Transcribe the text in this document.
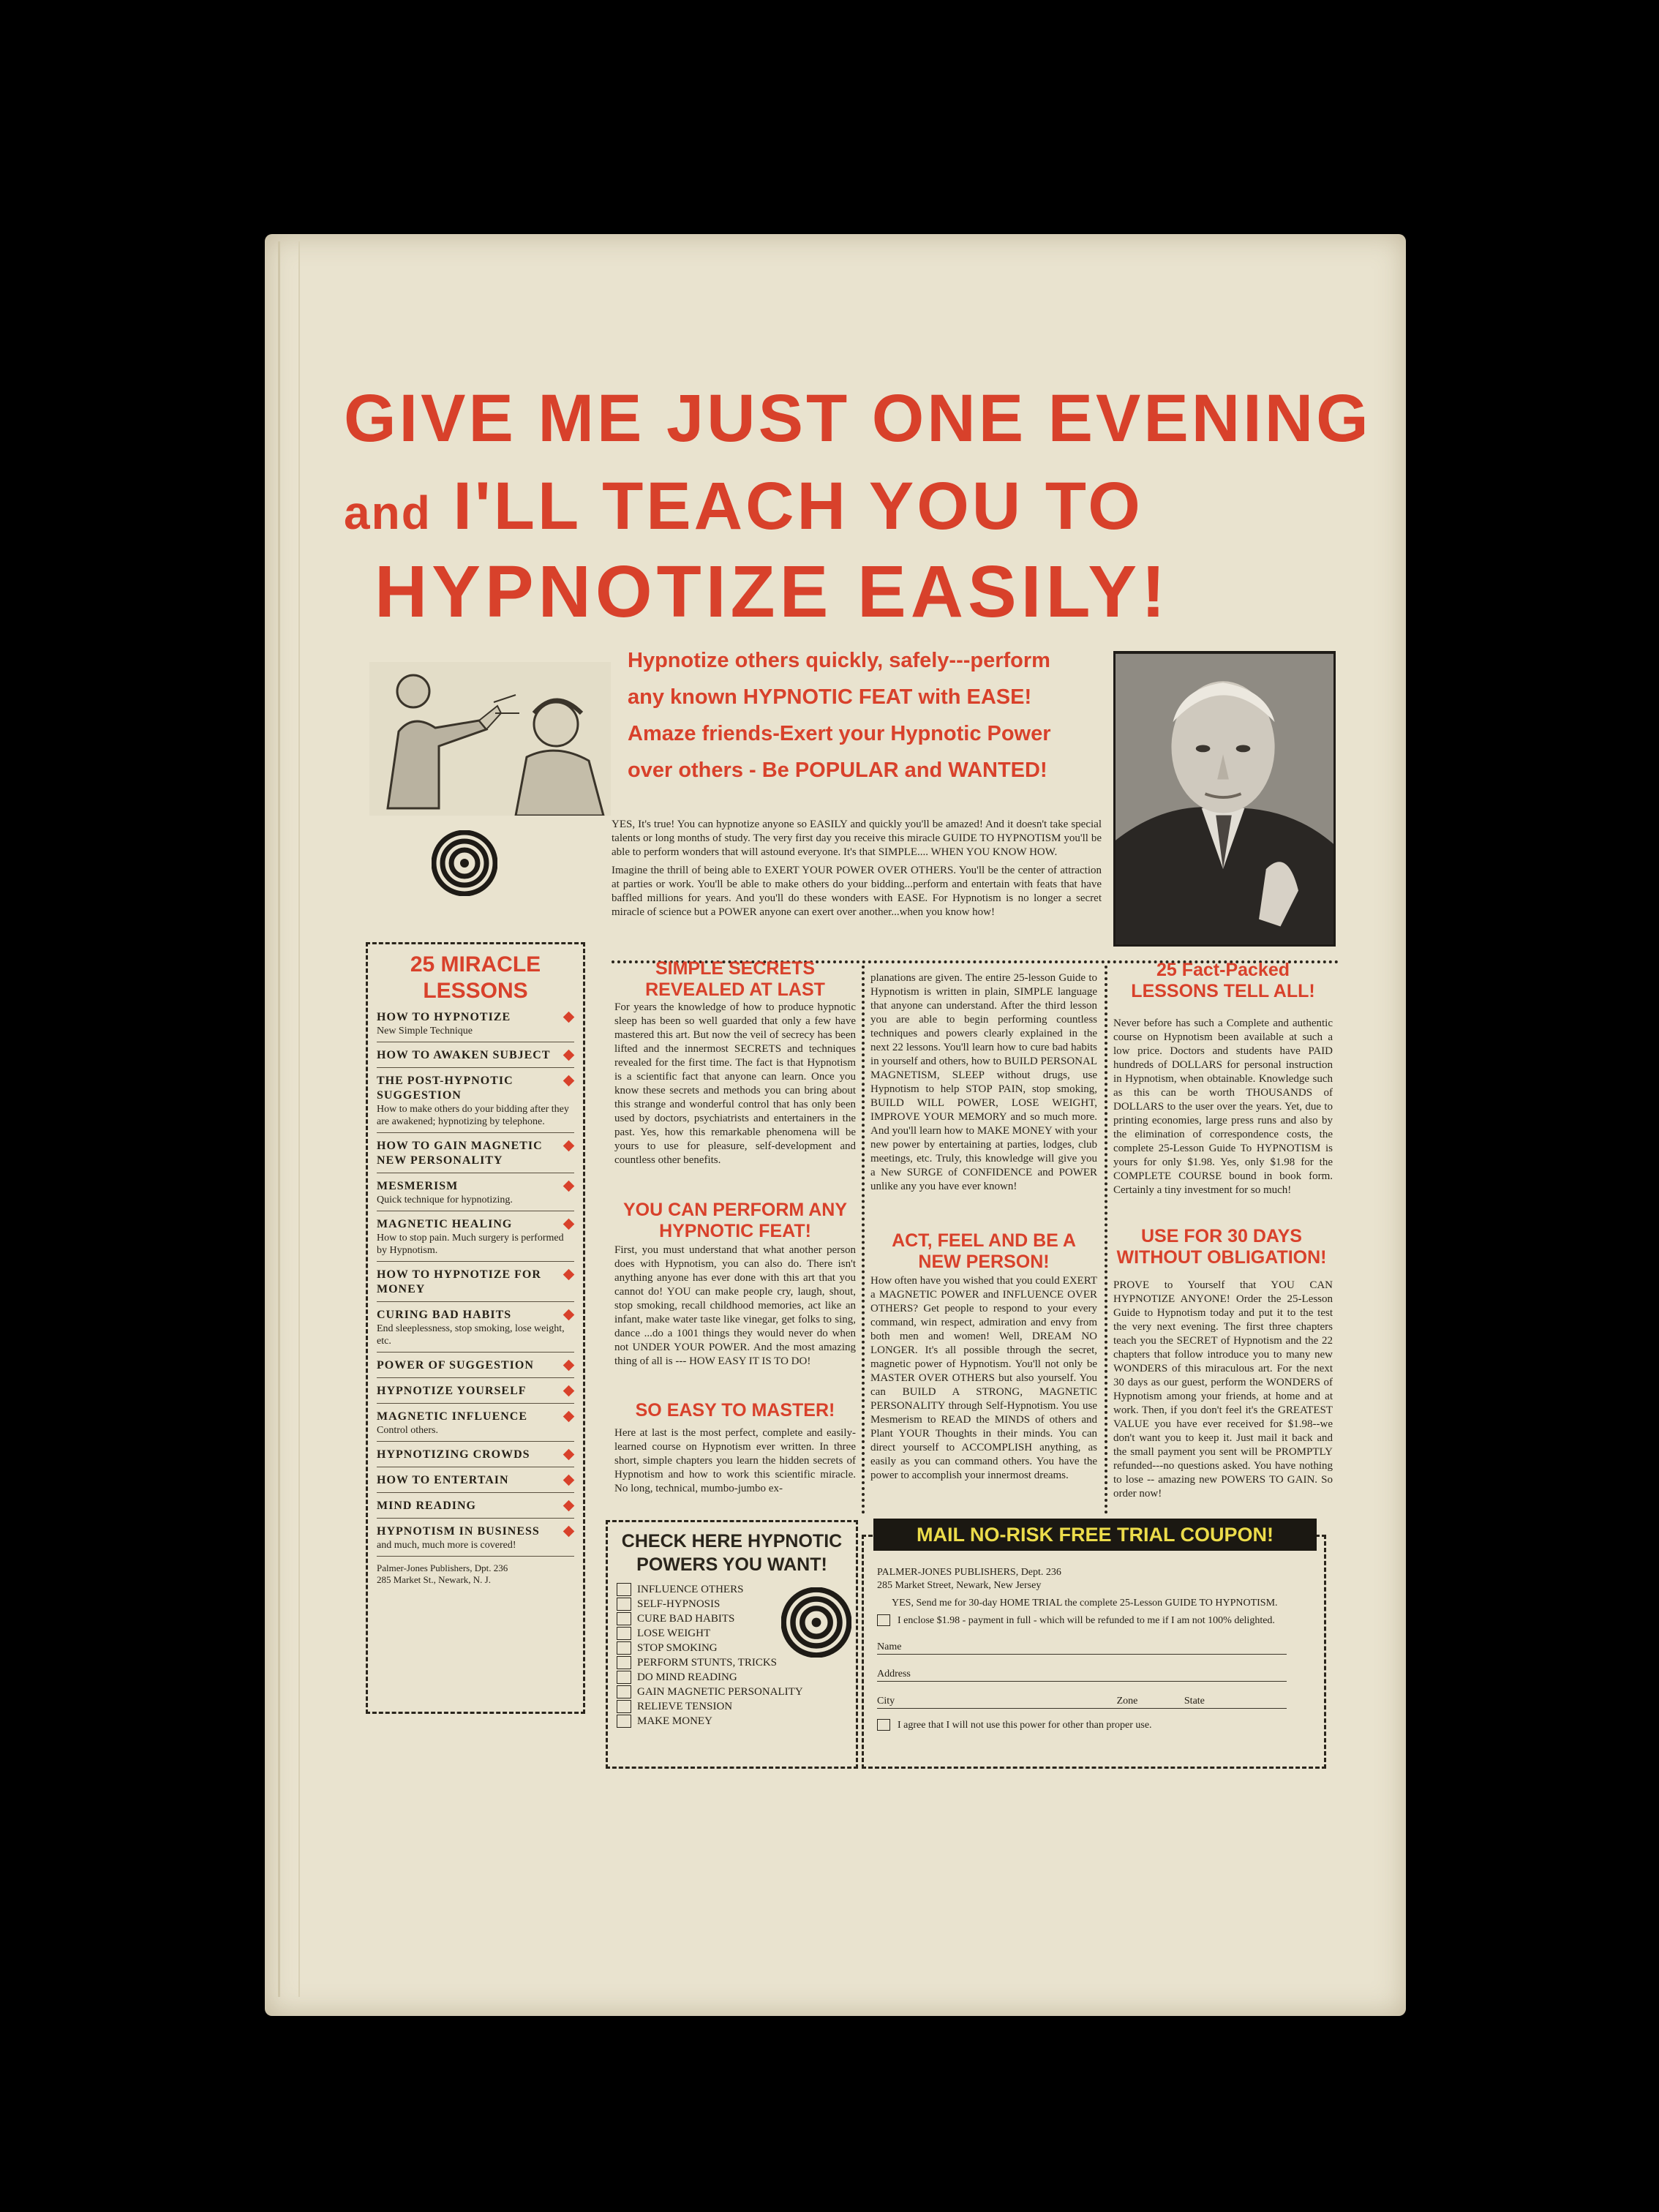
GIVE ME JUST ONE EVENING
and I'LL TEACH YOU TO
HYPNOTIZE EASILY!
Hypnotize others quickly, safely---perform
any known HYPNOTIC FEAT with EASE!
Amaze friends-Exert your Hypnotic Power
over others - Be POPULAR and WANTED!

YES, It's true! You can hypnotize anyone so EASILY and quickly you'll be amazed! And it doesn't take special talents or long months of study. The very first day you receive this miracle GUIDE TO HYPNOTISM you'll be able to perform wonders that will astound everyone. It's that SIMPLE.... WHEN YOU KNOW HOW.

Imagine the thrill of being able to EXERT YOUR POWER OVER OTHERS. You'll be the center of attraction at parties or work. You'll be able to make others do your bidding...perform and entertain with feats that have baffled millions for years. And you'll do these wonders with EASE. For Hypnotism is no longer a secret miracle of science but a POWER anyone can exert over another...when you know how!

25 MIRACLE
LESSONS
HOW TO HYPNOTIZE
New Simple Technique
HOW TO AWAKEN SUBJECT
THE POST-HYPNOTIC SUGGESTION
How to make others do your bidding after they are awakened; hypnotizing by telephone.
HOW TO GAIN MAGNETIC NEW PERSONALITY
MESMERISM
Quick technique for hypnotizing.
MAGNETIC HEALING
How to stop pain. Much surgery is performed by Hypnotism.
HOW TO HYPNOTIZE FOR MONEY
CURING BAD HABITS
End sleeplessness, stop smoking, lose weight, etc.
POWER OF SUGGESTION
HYPNOTIZE YOURSELF
MAGNETIC INFLUENCE
Control others.
HYPNOTIZING CROWDS
HOW TO ENTERTAIN
MIND READING
HYPNOTISM IN BUSINESS
and much, much more is covered!
Palmer-Jones Publishers, Dpt. 236
285 Market St., Newark, N. J.
SIMPLE SECRETS REVEALED AT LAST
For years the knowledge of how to produce hypnotic sleep has been so well guarded that only a few have mastered this art. But now the veil of secrecy has been lifted and the innermost SECRETS and techniques revealed for the first time. The fact is that Hypnotism is a scientific fact that anyone can learn. Once you know these secrets and methods you can bring about this strange and wonderful control that has only been used by doctors, psychiatrists and entertainers in the past. Yes, how this remarkable phenomena will be yours to use for pleasure, self-development and countless other benefits.
YOU CAN PERFORM ANY HYPNOTIC FEAT!
First, you must understand that what another person does with Hypnotism, you can also do. There isn't anything anyone has ever done with this art that you cannot do! YOU can make people cry, laugh, shout, stop smoking, recall childhood memories, act like an infant, make water taste like vinegar, get folks to sing, dance ...do a 1001 things they would never do when not UNDER YOUR POWER. And the most amazing thing of all is --- HOW EASY IT IS TO DO!
SO EASY TO MASTER!
Here at last is the most perfect, complete and easily-learned course on Hypnotism ever written. In three short, simple chapters you learn the hidden secrets of Hypnotism and how to work this scientific miracle. No long, technical, mumbo-jumbo ex-
planations are given. The entire 25-lesson Guide to Hypnotism is written in plain, SIMPLE language that anyone can understand. After the third lesson you are able to begin performing countless techniques and powers clearly explained in the next 22 lessons. You'll learn how to cure bad habits in yourself and others, how to BUILD PERSONAL MAGNETISM, SLEEP without drugs, use Hypnotism to help STOP PAIN, stop smoking, BUILD WILL POWER, LOSE WEIGHT, IMPROVE YOUR MEMORY and so much more. And you'll learn how to MAKE MONEY with your new power by entertaining at parties, lodges, club meetings, etc. Truly, this knowledge will give you a New SURGE of CONFIDENCE and POWER unlike any you have ever known!
ACT, FEEL AND BE A NEW PERSON!
How often have you wished that you could EXERT a MAGNETIC POWER and INFLUENCE OVER OTHERS? Get people to respond to your every command, win respect, admiration and envy from both men and women! Well, DREAM NO LONGER. It's all possible through the secret, magnetic power of Hypnotism. You'll not only be MASTER OVER OTHERS but also yourself. You can BUILD A STRONG, MAGNETIC PERSONALITY through Self-Hypnotism. You use Mesmerism to READ the MINDS of others and Plant YOUR Thoughts in their minds. You can direct yourself to ACCOMPLISH anything, as easily as you can command others. You have the power to accomplish your innermost dreams.
25 Fact-Packed LESSONS TELL ALL!
Never before has such a Complete and authentic course on Hypnotism been available at such a low price. Doctors and students have PAID hundreds of DOLLARS for personal instruction in Hypnotism, when obtainable. Knowledge such as this can be worth THOUSANDS of DOLLARS to the user over the years. Yet, due to printing economies, large press runs and also by the elimination of correspondence costs, the complete 25-Lesson Guide To HYPNOTISM is yours for only $1.98. Yes, only $1.98 for the COMPLETE COURSE bound in book form. Certainly a tiny investment for so much!
USE FOR 30 DAYS WITHOUT OBLIGATION!
PROVE to Yourself that YOU CAN HYPNOTIZE ANYONE! Order the 25-Lesson Guide to Hypnotism today and put it to the test the very next evening. The first three chapters teach you the SECRET of Hypnotism and the 22 chapters that follow introduce you to many new WONDERS of this miraculous art. For the next 30 days as our guest, perform the WONDERS of Hypnotism among your friends, at home and at work. Then, if you don't feel it's the GREATEST VALUE you have ever received for $1.98--we don't want you to keep it. Just mail it back and the small payment you sent will be PROMPTLY refunded---no questions asked. You have nothing to lose -- amazing new POWERS TO GAIN. So order now!
CHECK HERE HYPNOTIC
POWERS YOU WANT!
INFLUENCE OTHERS
SELF-HYPNOSIS
CURE BAD HABITS
LOSE WEIGHT
STOP SMOKING
PERFORM STUNTS, TRICKS
DO MIND READING
GAIN MAGNETIC PERSONALITY
RELIEVE TENSION
MAKE MONEY
PALMER-JONES PUBLISHERS, Dept. 236
285 Market Street, Newark, New Jersey
YES, Send me for 30-day HOME TRIAL the complete 25-Lesson GUIDE TO HYPNOTISM.
I enclose $1.98 - payment in full - which will be refunded to me if I am not 100% delighted.
Name
Address
City	Zone	State
I agree that I will not use this power for other than proper use.
MAIL NO-RISK FREE TRIAL COUPON!
